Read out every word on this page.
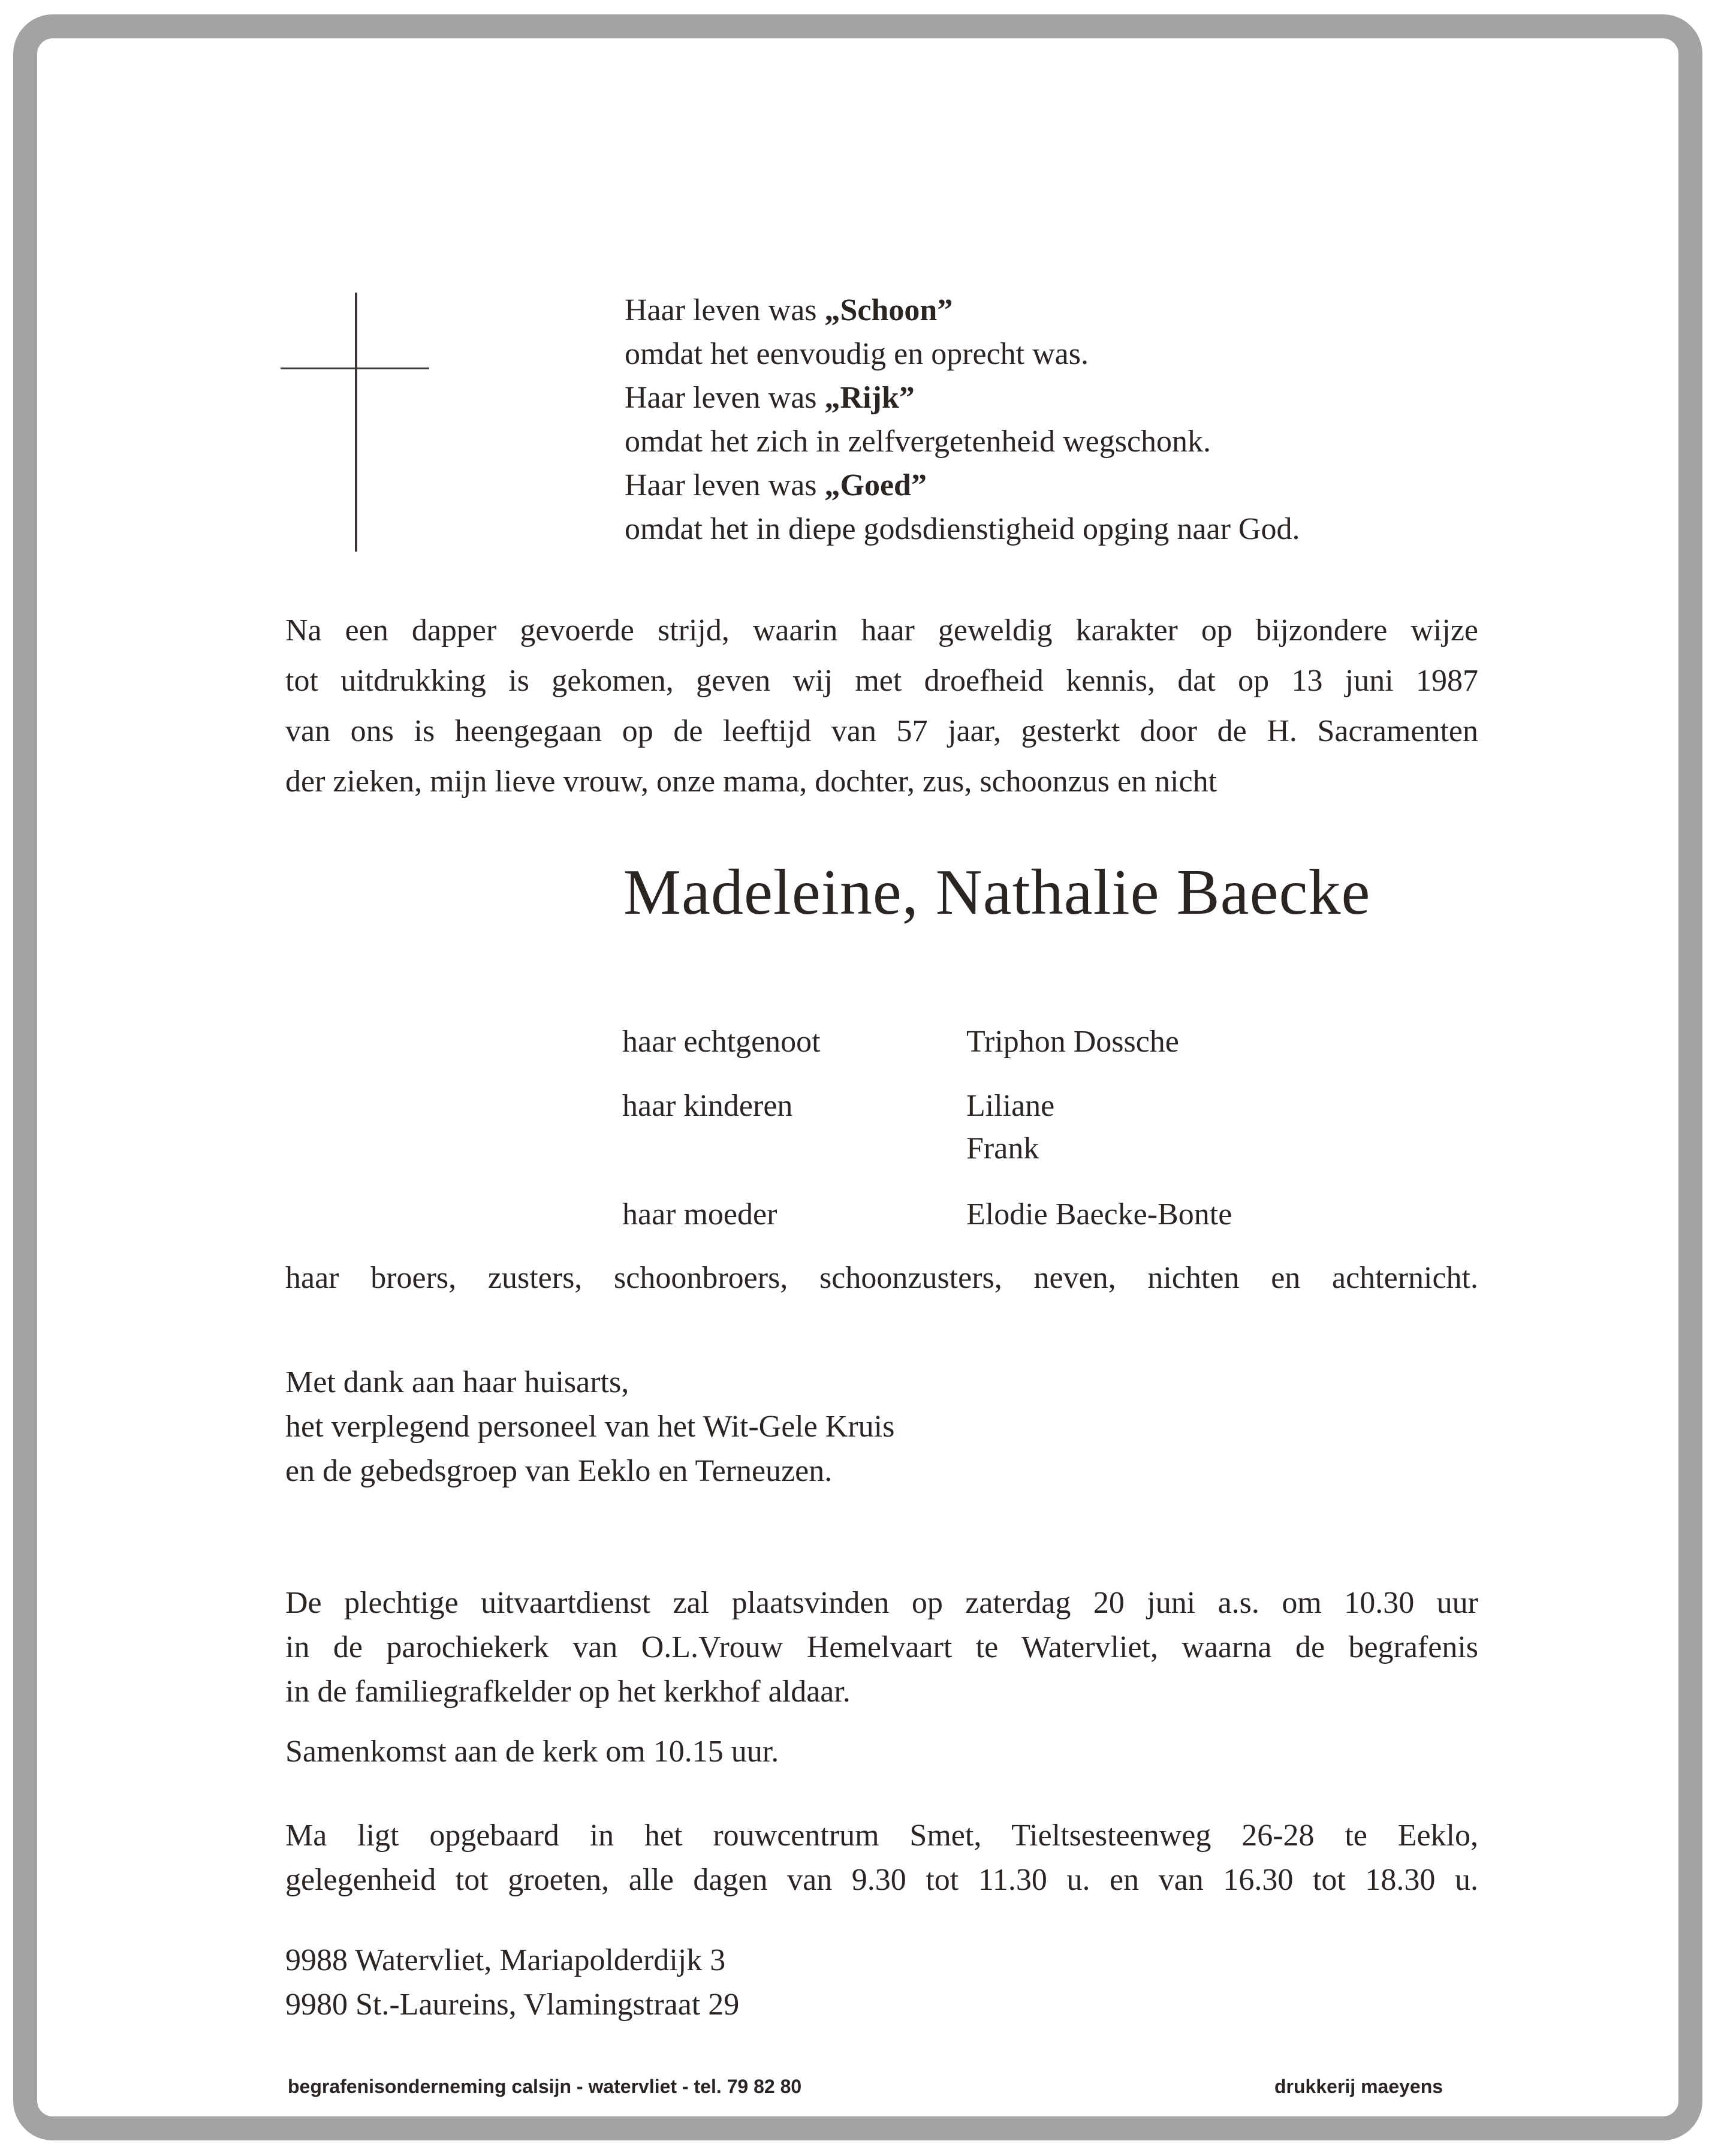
Haar leven was „Schoon”
omdat het eenvoudig en oprecht was.
Haar leven was „Rijk”
omdat het zich in zelfvergetenheid wegschonk.
Haar leven was „Goed”
omdat het in diepe godsdienstigheid opging naar God.
Na een dapper gevoerde strijd, waarin haar geweldig karakter op bijzondere wijze
tot uitdrukking is gekomen, geven wij met droefheid kennis, dat op 13 juni 1987
van ons is heengegaan op de leeftijd van 57 jaar, gesterkt door de H. Sacramenten
der zieken, mijn lieve vrouw, onze mama, dochter, zus, schoonzus en nicht
Madeleine, Nathalie Baecke
haar echtgenoot	Triphon Dossche
haar kinderen	Liliane
Frank
haar moeder	Elodie Baecke-Bonte
haar broers, zusters, schoonbroers, schoonzusters, neven, nichten en achternicht.
Met dank aan haar huisarts,
het verplegend personeel van het Wit-Gele Kruis
en de gebedsgroep van Eeklo en Terneuzen.
De plechtige uitvaartdienst zal plaatsvinden op zaterdag 20 juni a.s. om 10.30 uur
in de parochiekerk van O.L.Vrouw Hemelvaart te Watervliet, waarna de begrafenis
in de familiegrafkelder op het kerkhof aldaar.
Samenkomst aan de kerk om 10.15 uur.
Ma ligt opgebaard in het rouwcentrum Smet, Tieltsesteenweg 26-28 te Eeklo,
gelegenheid tot groeten, alle dagen van 9.30 tot 11.30 u. en van 16.30 tot 18.30 u.
9988 Watervliet, Mariapolderdijk 3
9980 St.-Laureins, Vlamingstraat 29
begrafenisonderneming calsijn - watervliet - tel. 79 82 80	drukkerij maeyens
